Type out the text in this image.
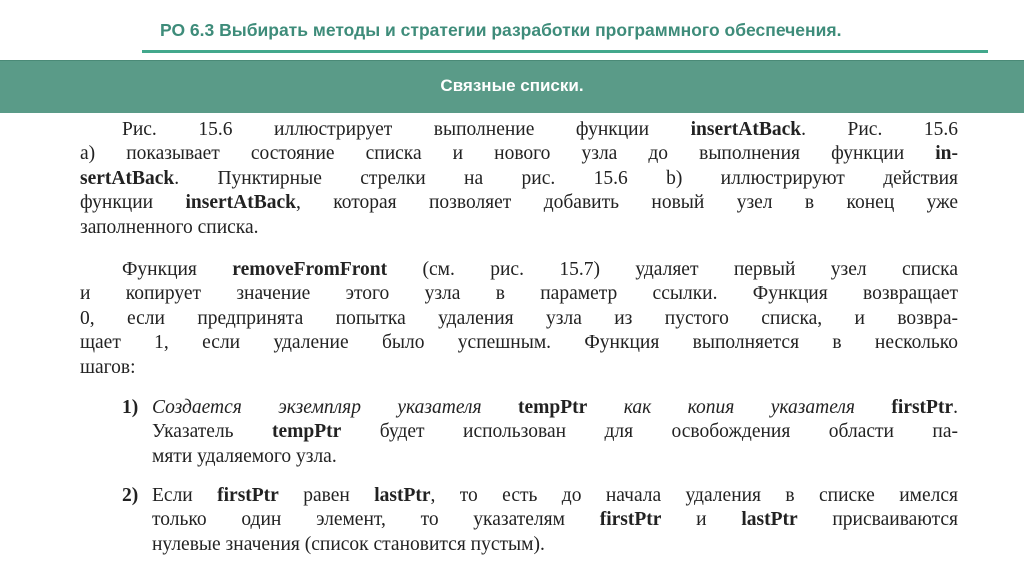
РО 6.3 Выбирать методы и стратегии разработки программного обеспечения.
Связные списки.

Рис. 15.6 иллюстрирует выполнение функции insertAtBack. Рис. 15.6

а) показывает состояние списка и нового узла до выполнения функции in-

sertAtBack. Пунктирные стрелки на рис. 15.6 b) иллюстрируют действия

функции insertAtBack, которая позволяет добавить новый узел в конец уже

заполненного списка.

Функция removeFromFront (см. рис. 15.7) удаляет первый узел списка

и копирует значение этого узла в параметр ссылки. Функция возвращает

0, если предпринята попытка удаления узла из пустого списка, и возвра-

щает 1, если удаление было успешным. Функция выполняется в несколько

шагов:

1) Создается экземпляр указателя tempPtr как копия указателя firstPtr.

Указатель tempPtr будет использован для освобождения области па-

мяти удаляемого узла.

2) Если firstPtr равен lastPtr, то есть до начала удаления в списке имелся

только один элемент, то указателям firstPtr и lastPtr присваиваются

нулевые значения (список становится пустым).
